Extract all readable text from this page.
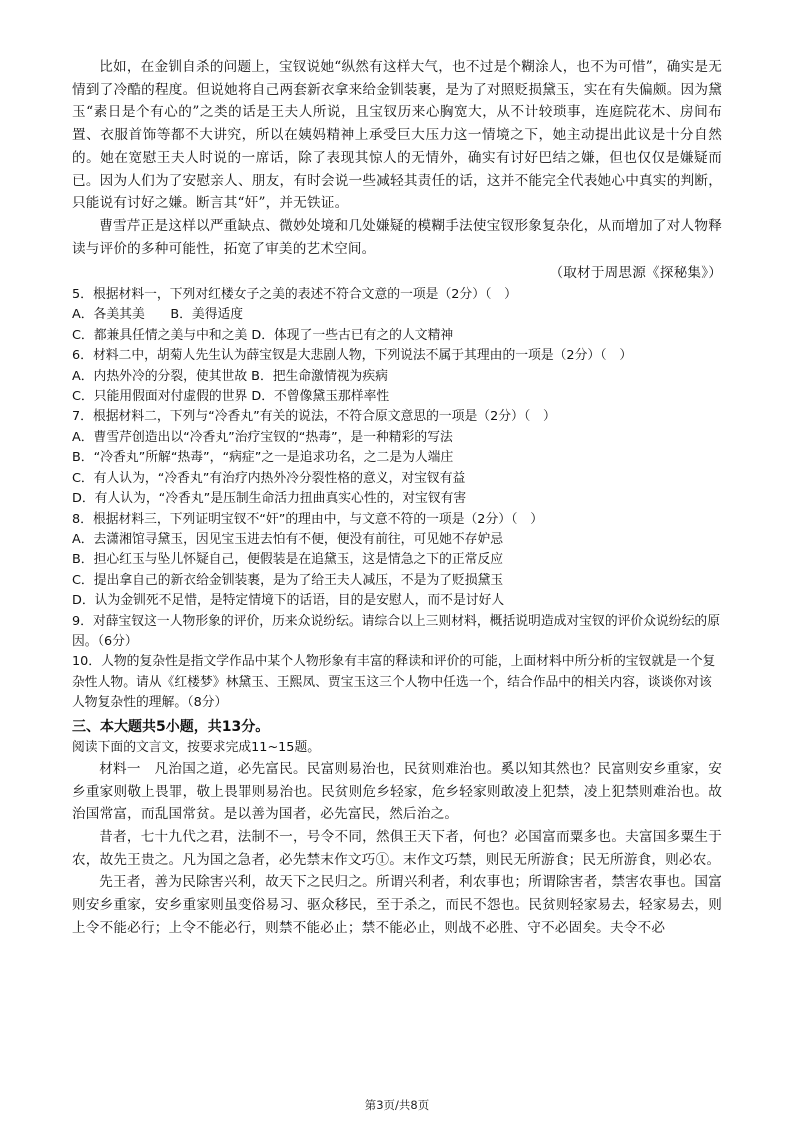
比如，在金钏自杀的问题上，宝钗说她“纵然有这样大气，也不过是个糊涂人，也不为可惜”，确实是无情到了冷酷的程度。但说她将自己两套新衣拿来给金钏装裹，是为了对照贬损黛玉，实在有失偏颇。因为黛玉“素日是个有心的”之类的话是王夫人所说，且宝钗历来心胸宽大，从不计较琐事，连庭院花木、房间布置、衣服首饰等都不大讲究，所以在姨妈精神上承受巨大压力这一情境之下，她主动提出此议是十分自然的。她在宽慰王夫人时说的一席话，除了表现其惊人的无情外，确实有讨好巴结之嫌，但也仅仅是嫌疑而已。因为人们为了安慰亲人、朋友，有时会说一些减轻其责任的话，这并不能完全代表她心中真实的判断，只能说有讨好之嫌。断言其“奸”，并无铁证。

曹雪芹正是这样以严重缺点、微妙处境和几处嫌疑的模糊手法使宝钗形象复杂化，从而增加了对人物释读与评价的多种可能性，拓宽了审美的艺术空间。

（取材于周思源《探秘集》）

5．根据材料一，下列对红楼女子之美的表述不符合文意的一项是（2分）（　）

A．各美其美　　B．美得适度

C．都兼具任情之美与中和之美 D．体现了一些古已有之的人文精神

6．材料二中，胡菊人先生认为薛宝钗是大悲剧人物，下列说法不属于其理由的一项是（2分）（　）

A．内热外冷的分裂，使其世故 B．把生命激情视为疾病

C．只能用假面对付虚假的世界 D．不曾像黛玉那样率性

7．根据材料二，下列与“冷香丸”有关的说法，不符合原文意思的一项是（2分）（　）

A．曹雪芹创造出以“冷香丸”治疗宝钗的“热毒”，是一种精彩的写法

B．“冷香丸”所解“热毒”，“病症”之一是追求功名，之二是为人端庄

C．有人认为，“冷香丸”有治疗内热外冷分裂性格的意义，对宝钗有益

D．有人认为，“冷香丸”是压制生命活力扭曲真实心性的，对宝钗有害

8．根据材料三，下列证明宝钗不“奸”的理由中，与文意不符的一项是（2分）（　）

A．去潇湘馆寻黛玉，因见宝玉进去怕有不便，便没有前往，可见她不存妒忌

B．担心红玉与坠儿怀疑自己，便假装是在追黛玉，这是情急之下的正常反应

C．提出拿自己的新衣给金钏装裹，是为了给王夫人减压，不是为了贬损黛玉

D．认为金钏死不足惜，是特定情境下的话语，目的是安慰人，而不是讨好人

9．对薛宝钗这一人物形象的评价，历来众说纷纭。请综合以上三则材料，概括说明造成对宝钗的评价众说纷纭的原因。（6分）

10．人物的复杂性是指文学作品中某个人物形象有丰富的释读和评价的可能，上面材料中所分析的宝钗就是一个复杂性人物。请从《红楼梦》林黛玉、王熙凤、贾宝玉这三个人物中任选一个，结合作品中的相关内容，谈谈你对该人物复杂性的理解。（8分）

三、本大题共5小题，共13分。

阅读下面的文言文，按要求完成11~15题。

材料一　凡治国之道，必先富民。民富则易治也，民贫则难治也。奚以知其然也？民富则安乡重家，安乡重家则敬上畏罪，敬上畏罪则易治也。民贫则危乡轻家，危乡轻家则敢凌上犯禁，凌上犯禁则难治也。故治国常富，而乱国常贫。是以善为国者，必先富民，然后治之。

昔者，七十九代之君，法制不一，号令不同，然俱王天下者，何也？必国富而粟多也。夫富国多粟生于农，故先王贵之。凡为国之急者，必先禁末作文巧①。末作文巧禁，则民无所游食；民无所游食，则必农。

先王者，善为民除害兴利，故天下之民归之。所谓兴利者，利农事也；所谓除害者，禁害农事也。国富则安乡重家，安乡重家则虽变俗易习、驱众移民，至于杀之，而民不怨也。民贫则轻家易去，轻家易去，则上令不能必行；上令不能必行，则禁不能必止；禁不能必止，则战不必胜、守不必固矣。夫令不必

第3页/共8页
